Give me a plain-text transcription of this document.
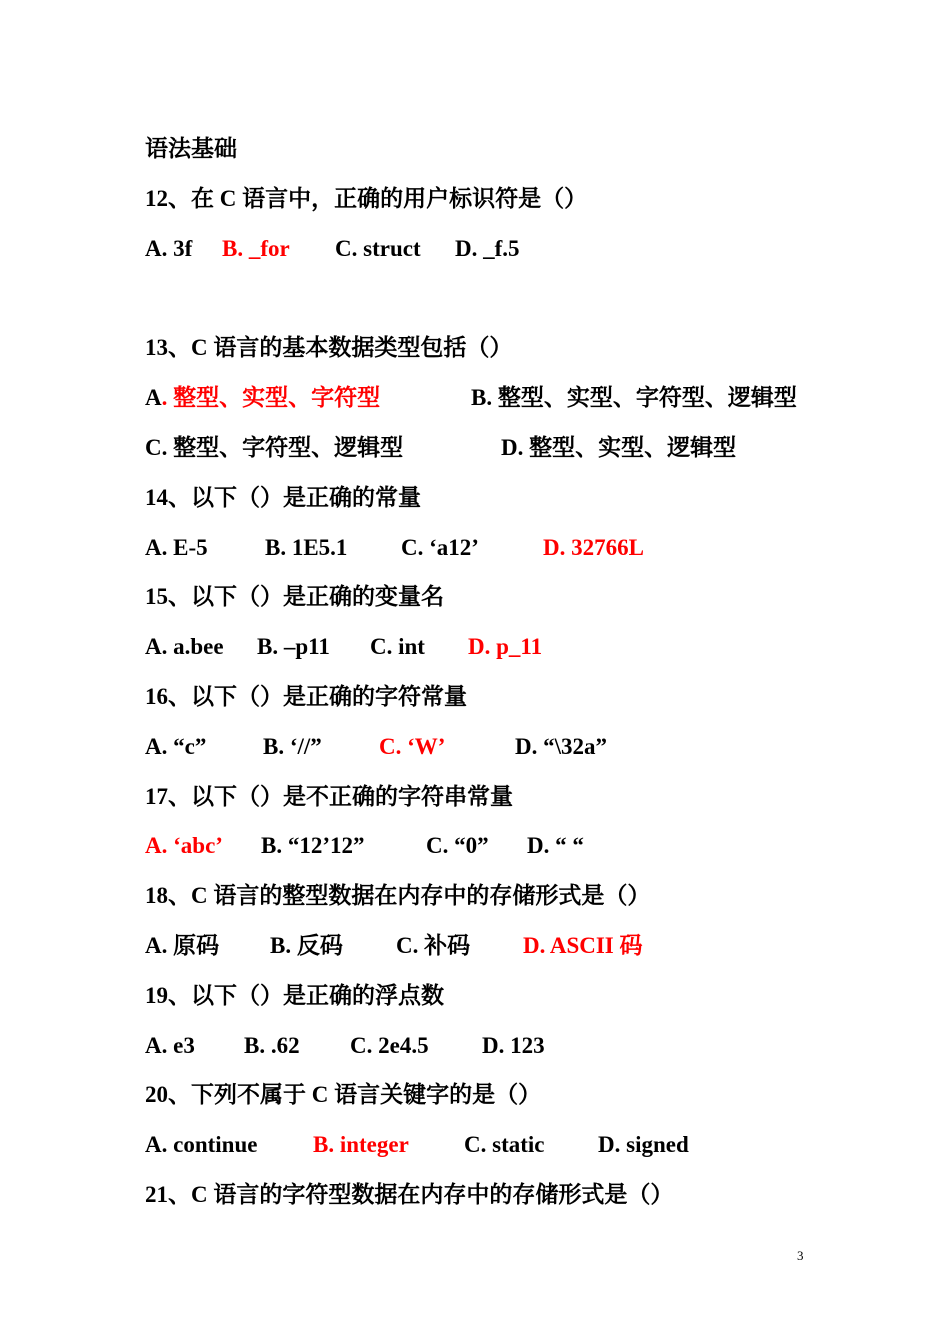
语法基础
12、在 C 语言中，正确的用户标识符是（）
A. 3f B. _for C. struct D. _f.5
13、C 语言的基本数据类型包括（）
A. 整型、实型、字符型	B. 整型、实型、字符型、逻辑型
C. 整型、字符型、逻辑型	D. 整型、实型、逻辑型
14、以下（）是正确的常量
A. E-5 B. 1E5.1 C. ‘a12’	D. 32766L
15、以下（）是正确的变量名
A. a.bee B. –p11 C. int D. p_11
16、以下（）是正确的字符常量
A. “c” B. ‘//” C. ‘W’	D. “\32a”
17、以下（）是不正确的字符串常量
A. ‘abc’ B. “12’12”	C. “0” D. “ “
18、C 语言的整型数据在内存中的存储形式是（）
A. 原码 B. 反码 C. 补码 D. ASCII 码
19、以下（）是正确的浮点数
A. e3 B. .62 C. 2e4.5 D. 123
20、下列不属于 C 语言关键字的是（）
A. continue B. integer C. static D. signed
21、C 语言的字符型数据在内存中的存储形式是（）
3
